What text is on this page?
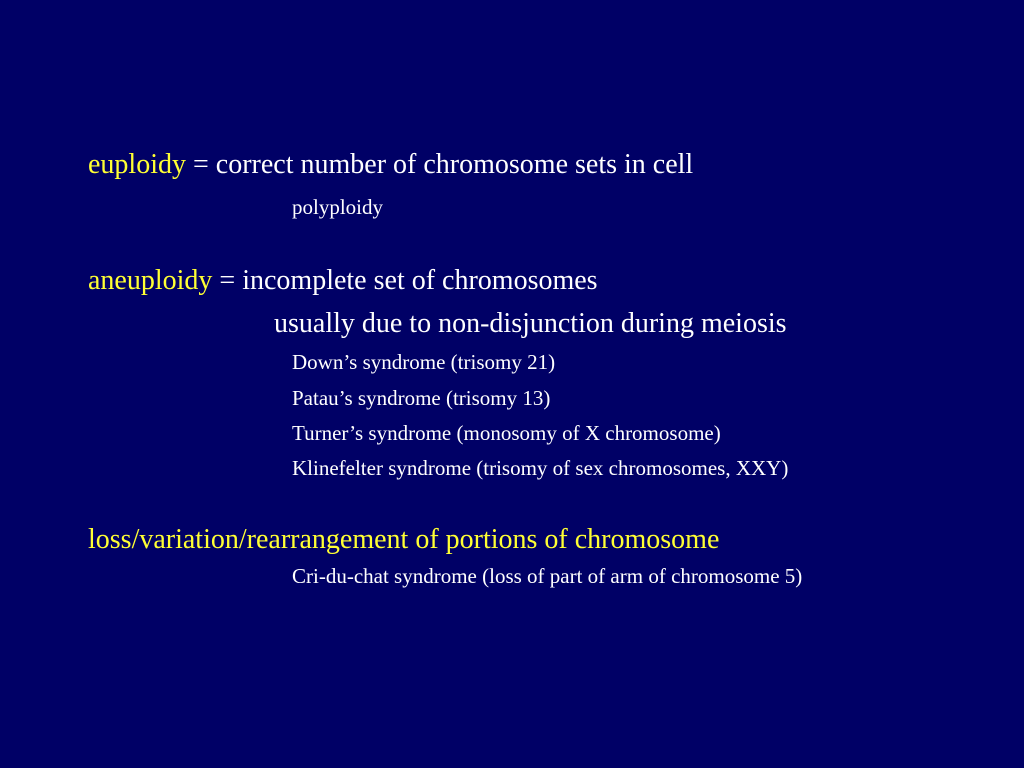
euploidy = correct number of chromosome sets in cell
polyploidy
aneuploidy = incomplete set of chromosomes
usually due to non-disjunction during meiosis
Down’s syndrome (trisomy 21)
Patau’s syndrome (trisomy 13)
Turner’s syndrome (monosomy of X chromosome)
Klinefelter syndrome (trisomy of sex chromosomes, XXY)
loss/variation/rearrangement of portions of chromosome
Cri-du-chat syndrome (loss of part of arm of chromosome 5)
